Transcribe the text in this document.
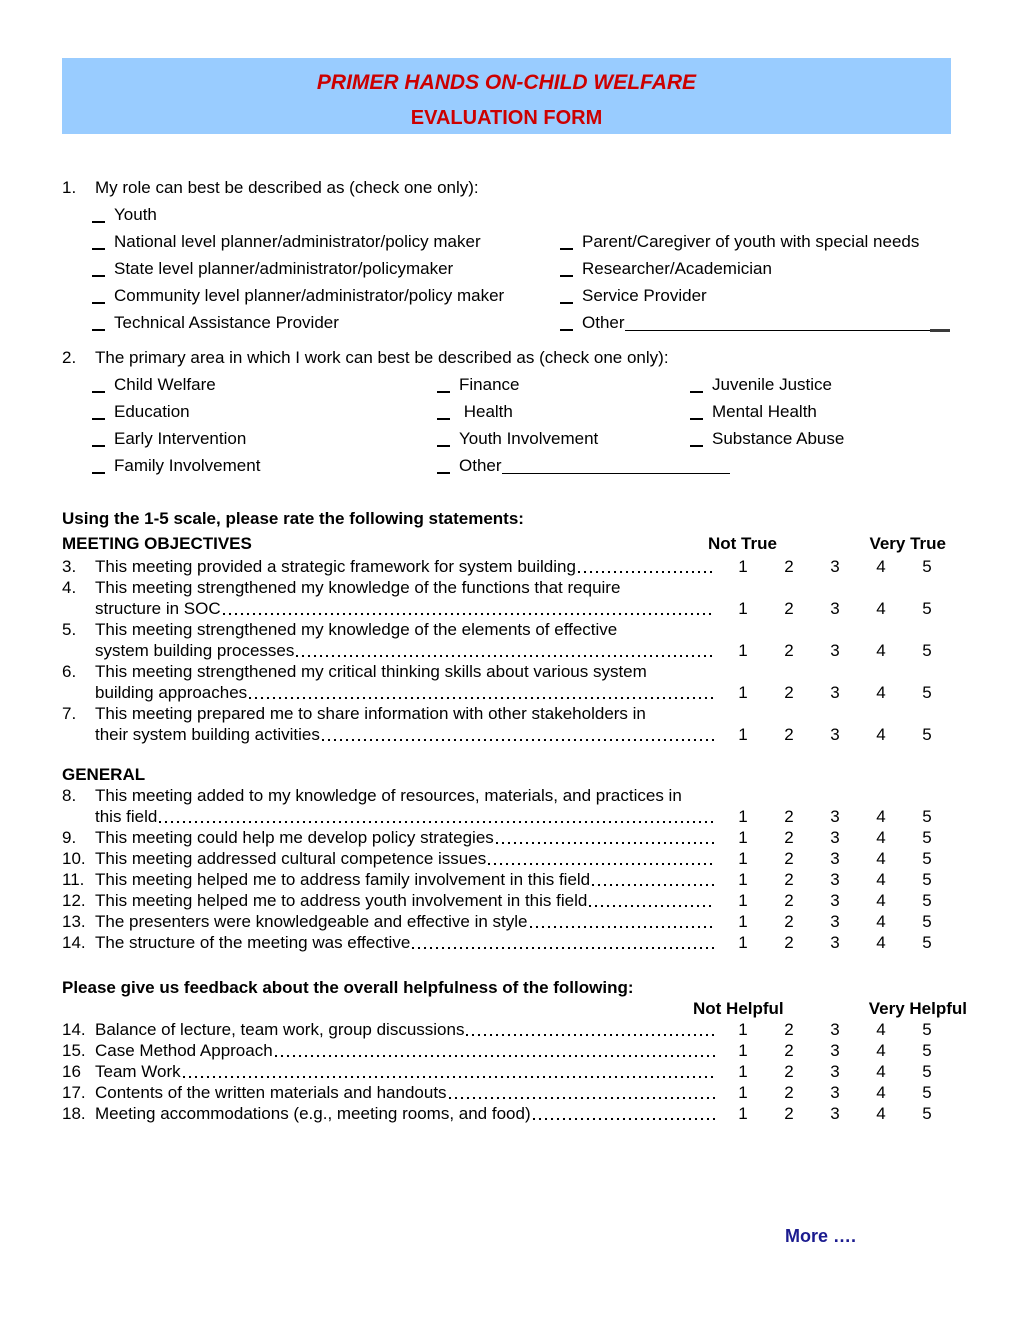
PRIMER HANDS ON-CHILD WELFARE
EVALUATION FORM
1.	My role can best be described as (check one only):
Youth
National level planner/administrator/policy maker	Parent/Caregiver of youth with special needs
State level planner/administrator/policymaker	Researcher/Academician
Community level planner/administrator/policy maker	Service Provider
Technical Assistance Provider	Other
2.	The primary area in which I work can best be described as (check one only):
Child Welfare	Finance	Juvenile Justice
Education	Health	Mental Health
Early Intervention	Youth Involvement	Substance Abuse
Family Involvement	Other
Using the 1-5 scale, please rate the following statements:
MEETING OBJECTIVES	Not True	Very True
3.	This meeting provided a strategic framework for system building	1	2	3	4	5
4.	This meeting strengthened my knowledge of the functions that require
structure in SOC	1	2	3	4	5
5.	This meeting strengthened my knowledge of the elements of effective
system building processes	1	2	3	4	5
6.	This meeting strengthened my critical thinking skills about various system
building approaches	1	2	3	4	5
7.	This meeting prepared me to share information with other stakeholders in
their system building activities	1	2	3	4	5
GENERAL
8.	This meeting added to my knowledge of resources, materials, and practices in
this field	1	2	3	4	5
9.	This meeting could help me develop policy strategies	1	2	3	4	5
10. This meeting addressed cultural competence issues	1	2	3	4	5
11. This meeting helped me to address family involvement in this field	1	2	3	4	5
12. This meeting helped me to address youth involvement in this field	1	2	3	4	5
13. The presenters were knowledgeable and effective in style	1	2	3	4	5
14. The structure of the meeting was effective	1	2	3	4	5
Please give us feedback about the overall helpfulness of the following:
Not Helpful	Very Helpful
14. Balance of lecture, team work, group discussions	1	2	3	4	5
15. Case Method Approach	1	2	3	4	5
16 Team Work	1	2	3	4	5
17. Contents of the written materials and handouts	1	2	3	4	5
18. Meeting accommodations (e.g., meeting rooms, and food)	1	2	3	4	5
More ….
